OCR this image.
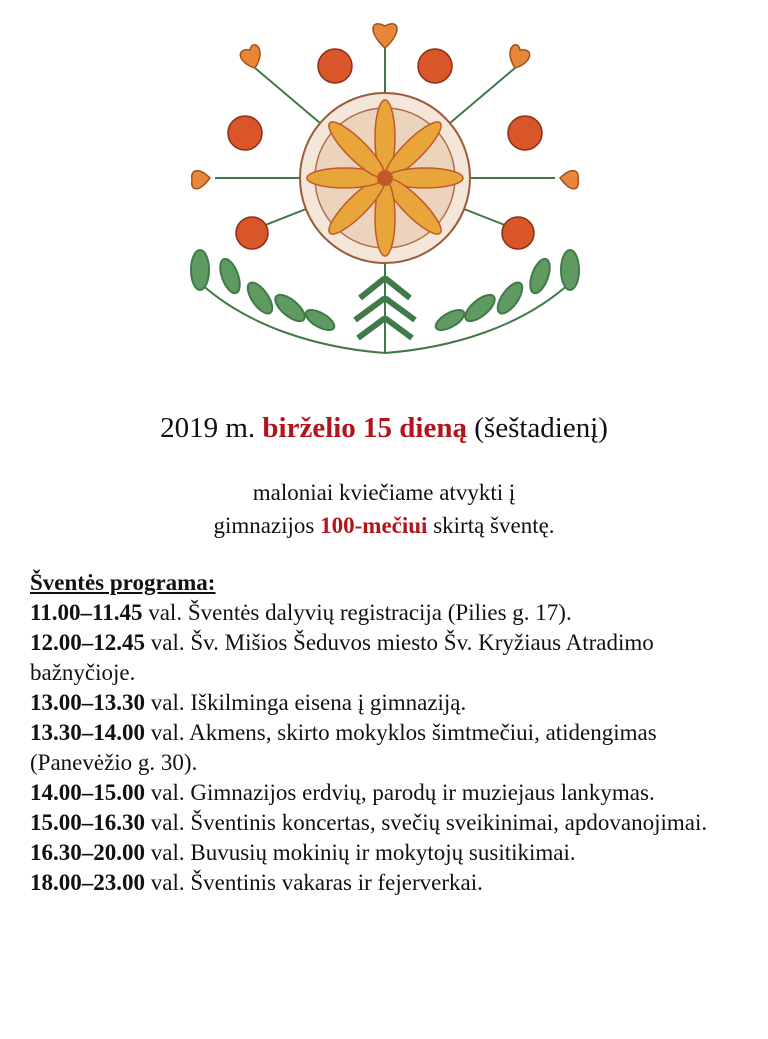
2019 m. birželio 15 dieną (šeštadienį)
maloniai kviečiame atvykti į
gimnazijos 100-mečiui skirtą šventę.
Šventės programa:
11.00–11.45 val. Šventės dalyvių registracija (Pilies g. 17).
12.00–12.45 val. Šv. Mišios Šeduvos miesto Šv. Kryžiaus Atradimo bažnyčioje.
13.00–13.30 val. Iškilminga eisena į gimnaziją.
13.30–14.00 val. Akmens, skirto mokyklos šimtmečiui, atidengimas (Panevėžio g. 30).
14.00–15.00 val. Gimnazijos erdvių, parodų ir muziejaus lankymas.
15.00–16.30 val. Šventinis koncertas, svečių sveikinimai, apdovanojimai.
16.30–20.00 val. Buvusių mokinių ir mokytojų susitikimai.
18.00–23.00 val. Šventinis vakaras ir fejerverkai.
